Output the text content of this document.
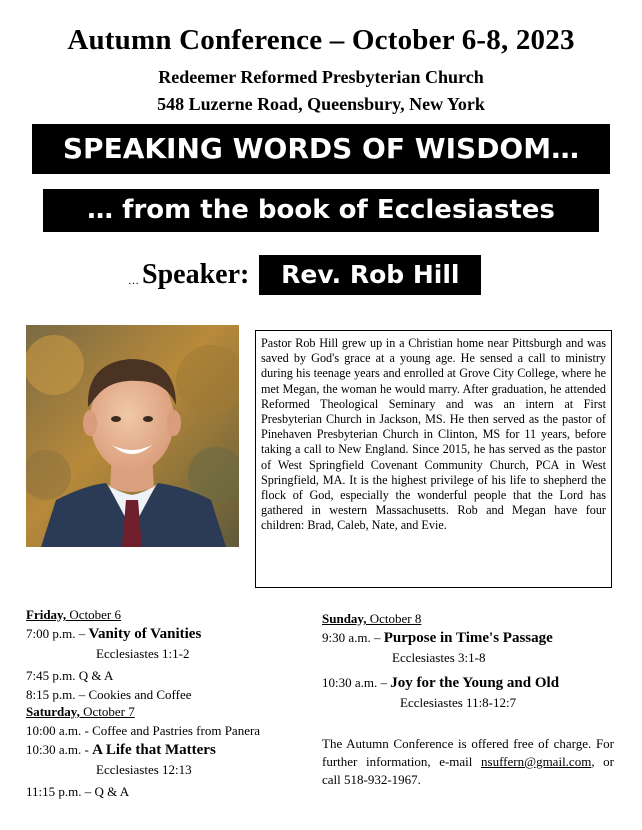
Autumn Conference – October 6-8, 2023
Redeemer Reformed Presbyterian Church
548 Luzerne Road, Queensbury, New York
SPEAKING WORDS OF WISDOM…
… from the book of Ecclesiastes
… Speaker:	Rev. Rob Hill
Pastor Rob Hill grew up in a Christian home near Pittsburgh and was saved by God's grace at a young age. He sensed a call to ministry during his teenage years and enrolled at Grove City College, where he met Megan, the woman he would marry. After graduation, he attended Reformed Theological Seminary and was an intern at First Presbyterian Church in Jackson, MS. He then served as the pastor of Pinehaven Presbyterian Church in Clinton, MS for 11 years, before taking a call to New England. Since 2015, he has served as the pastor of West Springfield Covenant Community Church, PCA in West Springfield, MA. It is the highest privilege of his life to shepherd the flock of God, especially the wonderful people that the Lord has gathered in western Massachusetts. Rob and Megan have four children: Brad, Caleb, Nate, and Evie.
Friday, October 6
7:00 p.m. – Vanity of Vanities
Ecclesiastes 1:1-2
7:45 p.m. Q & A
8:15 p.m. – Cookies and Coffee
Saturday, October 7
10:00 a.m. - Coffee and Pastries from Panera
10:30 a.m. - A Life that Matters
Ecclesiastes 12:13
11:15 p.m. – Q & A
Sunday, October 8
9:30 a.m. – Purpose in Time's Passage
Ecclesiastes 3:1-8
10:30 a.m. – Joy for the Young and Old
Ecclesiastes 11:8-12:7
The Autumn Conference is offered free of charge. For further information, e-mail nsuffern@gmail.com, or call 518-932-1967.
